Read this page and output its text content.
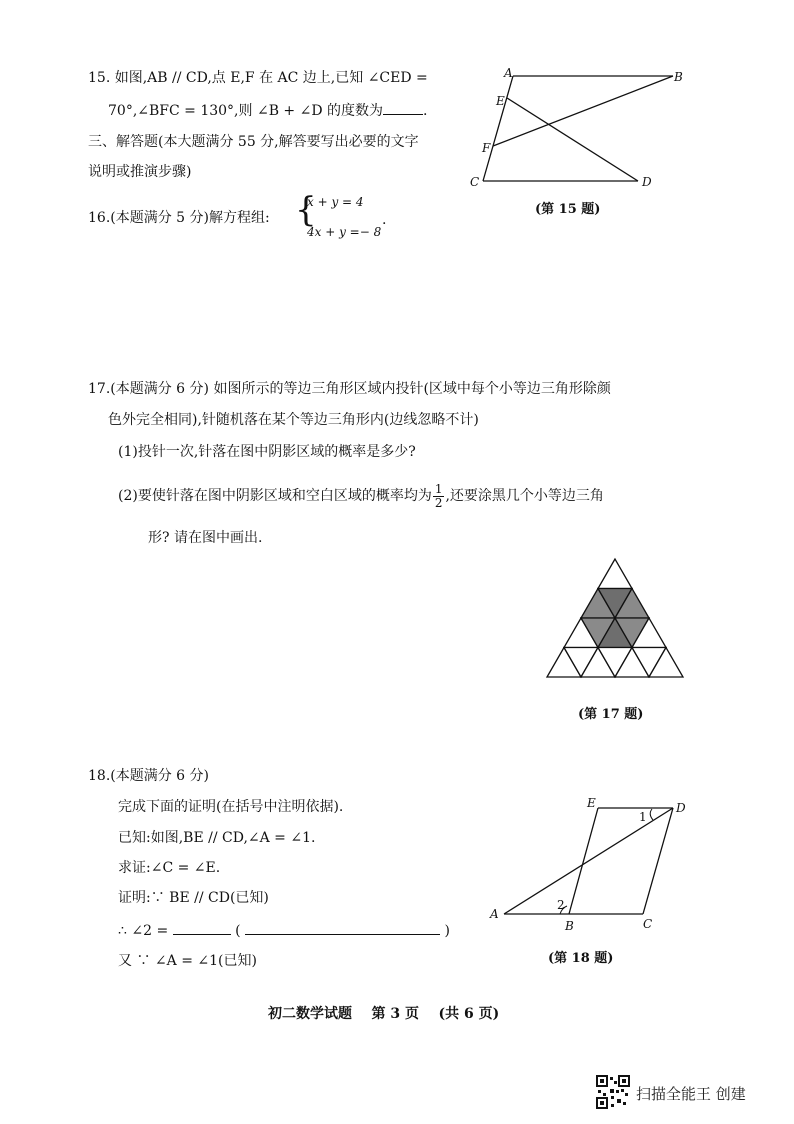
15. 如图,AB // CD,点 E,F 在 AC 边上,已知 ∠CED =
70°,∠BFC = 130°,则 ∠B + ∠D 的度数为	.
三、解答题(本大题满分 55 分,解答要写出必要的文字
说明或推演步骤)
A	B
E
F
C	D
(第 15 题)
16.(本题满分 5 分)解方程组: {
x + y = 4
4x + y =− 8
.
17.(本题满分 6 分) 如图所示的等边三角形区域内投针(区域中每个小等边三角形除颜
色外完全相同),针随机落在某个等边三角形内(边线忽略不计)
(1)投针一次,针落在图中阴影区域的概率是多少?
(2)要使针落在图中阴影区域和空白区域的概率均为 $\frac{1}{2}$ ,还要涂黑几个小等边三角
形? 请在图中画出.
(第 17 题)
18.(本题满分 6 分)
完成下面的证明(在括号中注明依据).
已知:如图,BE // CD,∠A = ∠1.
求证:∠C = ∠E.
证明:∵ BE // CD(已知)
∴ ∠2 =	(	)
又 ∵ ∠A = ∠1(已知)
E	D
1
2
A
B	C
(第 18 题)
初二数学试题    第 3 页    (共 6 页)
扫描全能王 创建
